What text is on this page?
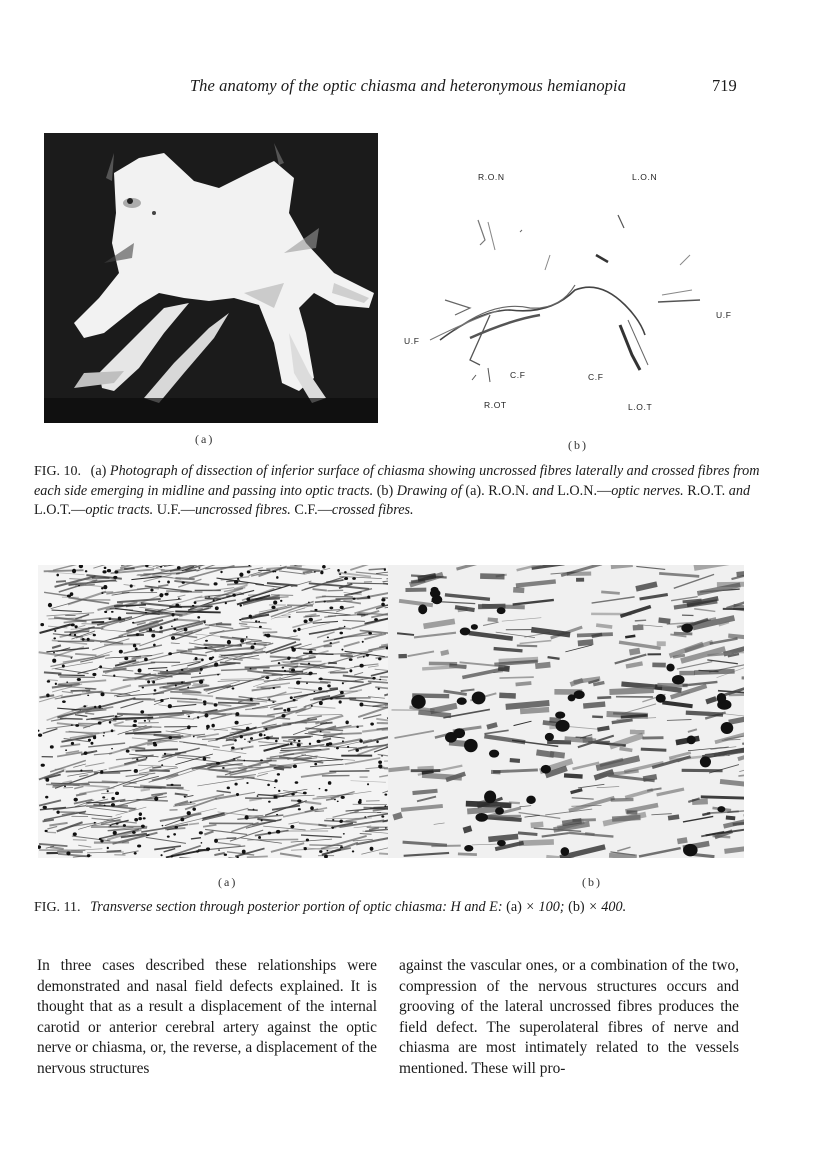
The anatomy of the optic chiasma and heteronymous hemianopia	719
(a)
R.O.N	L.O.N
U.F
U.F
C.F	C.F
R.OT	L.O.T
(b)
FIG. 10. (a) Photograph of dissection of inferior surface of chiasma showing uncrossed fibres laterally and crossed fibres from each side emerging in midline and passing into optic tracts. (b) Drawing of (a). R.O.N. and L.O.N.—optic nerves. R.O.T. and L.O.T.—optic tracts. U.F.—uncrossed fibres. C.F.—crossed fibres.
(a)	(b)
FIG. 11. Transverse section through posterior portion of optic chiasma: H and E: (a) × 100; (b) × 400.
In three cases described these relationships were demonstrated and nasal field defects explained. It is thought that as a result a displacement of the internal carotid or anterior cerebral artery against the optic nerve or chiasma, or, the reverse, a displacement of the nervous structures
against the vascular ones, or a combination of the two, compression of the nervous structures occurs and grooving of the lateral uncrossed fibres produces the field defect. The superolateral fibres of nerve and chiasma are most intimately related to the vessels mentioned. These will pro-
